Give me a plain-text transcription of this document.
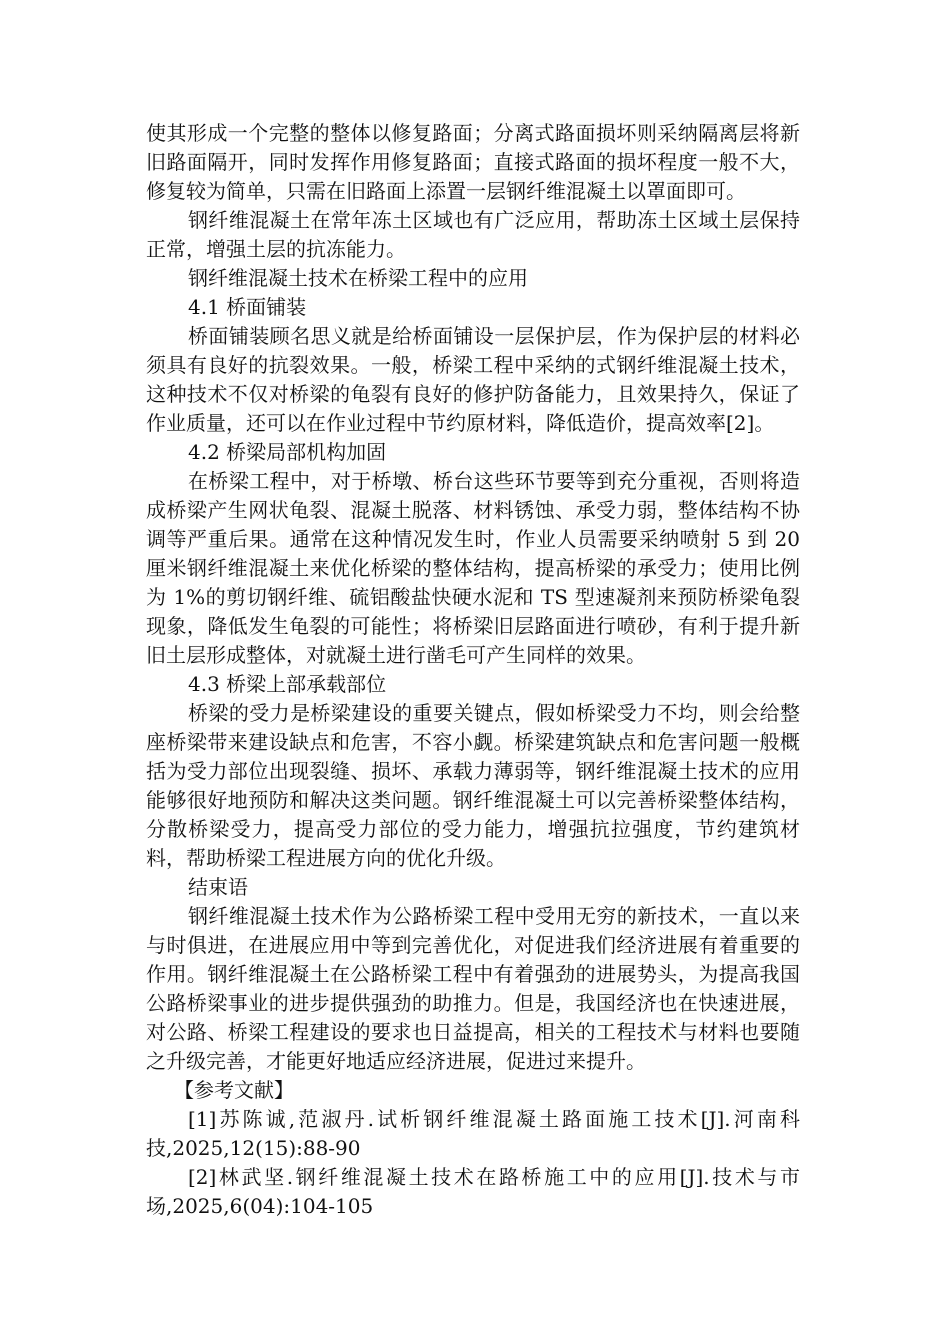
使其形成一个完整的整体以修复路面；分离式路面损坏则采纳隔离层将新旧路面隔开，同时发挥作用修复路面；直接式路面的损坏程度一般不大，修复较为简单，只需在旧路面上添置一层钢纤维混凝土以罩面即可。

钢纤维混凝土在常年冻土区域也有广泛应用，帮助冻土区域土层保持正常，增强土层的抗冻能力。

钢纤维混凝土技术在桥梁工程中的应用

4.1 桥面铺装

桥面铺装顾名思义就是给桥面铺设一层保护层，作为保护层的材料必须具有良好的抗裂效果。一般，桥梁工程中采纳的式钢纤维混凝土技术，这种技术不仅对桥梁的龟裂有良好的修护防备能力，且效果持久，保证了作业质量，还可以在作业过程中节约原材料，降低造价，提高效率[2]。

4.2 桥梁局部机构加固

在桥梁工程中，对于桥墩、桥台这些环节要等到充分重视，否则将造成桥梁产生网状龟裂、混凝土脱落、材料锈蚀、承受力弱，整体结构不协调等严重后果。通常在这种情况发生时，作业人员需要采纳喷射 5 到 20 厘米钢纤维混凝土来优化桥梁的整体结构，提高桥梁的承受力；使用比例为 1%的剪切钢纤维、硫铝酸盐快硬水泥和 TS 型速凝剂来预防桥梁龟裂现象，降低发生龟裂的可能性；将桥梁旧层路面进行喷砂，有利于提升新旧土层形成整体，对就凝土进行凿毛可产生同样的效果。

4.3 桥梁上部承载部位

桥梁的受力是桥梁建设的重要关键点，假如桥梁受力不均，则会给整座桥梁带来建设缺点和危害，不容小觑。桥梁建筑缺点和危害问题一般概括为受力部位出现裂缝、损坏、承载力薄弱等，钢纤维混凝土技术的应用能够很好地预防和解决这类问题。钢纤维混凝土可以完善桥梁整体结构，分散桥梁受力，提高受力部位的受力能力，增强抗拉强度，节约建筑材料，帮助桥梁工程进展方向的优化升级。

结束语

钢纤维混凝土技术作为公路桥梁工程中受用无穷的新技术，一直以来与时俱进，在进展应用中等到完善优化，对促进我们经济进展有着重要的作用。钢纤维混凝土在公路桥梁工程中有着强劲的进展势头，为提高我国公路桥梁事业的进步提供强劲的助推力。但是，我国经济也在快速进展，对公路、桥梁工程建设的要求也日益提高，相关的工程技术与材料也要随之升级完善，才能更好地适应经济进展，促进过来提升。

【参考文献】

[1]苏陈诚,范淑丹.试析钢纤维混凝土路面施工技术[J].河南科技,2025,12(15):88-90

[2]林武坚.钢纤维混凝土技术在路桥施工中的应用[J].技术与市场,2025,6(04):104-105
